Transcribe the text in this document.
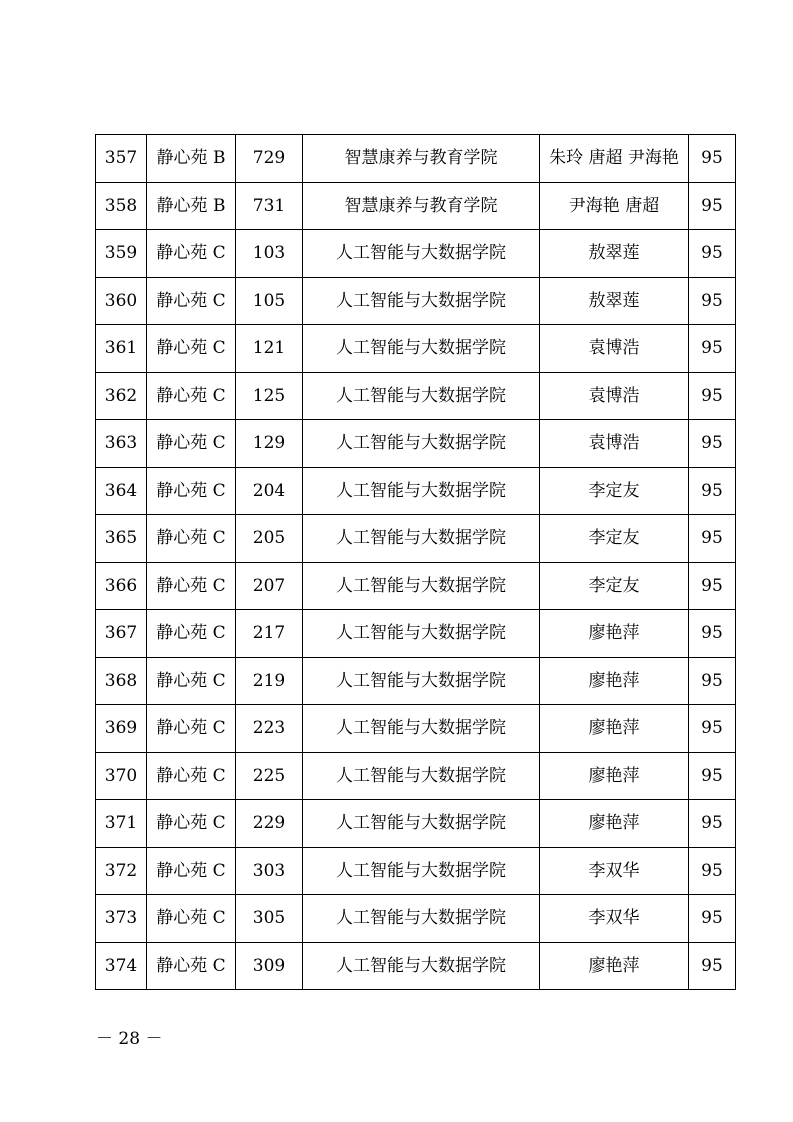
357	静心苑 B	729	智慧康养与教育学院	朱玲 唐超 尹海艳	95
358	静心苑 B	731	智慧康养与教育学院	尹海艳 唐超	95
359	静心苑 C	103	人工智能与大数据学院	敖翠莲	95
360	静心苑 C	105	人工智能与大数据学院	敖翠莲	95
361	静心苑 C	121	人工智能与大数据学院	袁博浩	95
362	静心苑 C	125	人工智能与大数据学院	袁博浩	95
363	静心苑 C	129	人工智能与大数据学院	袁博浩	95
364	静心苑 C	204	人工智能与大数据学院	李定友	95
365	静心苑 C	205	人工智能与大数据学院	李定友	95
366	静心苑 C	207	人工智能与大数据学院	李定友	95
367	静心苑 C	217	人工智能与大数据学院	廖艳萍	95
368	静心苑 C	219	人工智能与大数据学院	廖艳萍	95
369	静心苑 C	223	人工智能与大数据学院	廖艳萍	95
370	静心苑 C	225	人工智能与大数据学院	廖艳萍	95
371	静心苑 C	229	人工智能与大数据学院	廖艳萍	95
372	静心苑 C	303	人工智能与大数据学院	李双华	95
373	静心苑 C	305	人工智能与大数据学院	李双华	95
374	静心苑 C	309	人工智能与大数据学院	廖艳萍	95
－ 28 －
